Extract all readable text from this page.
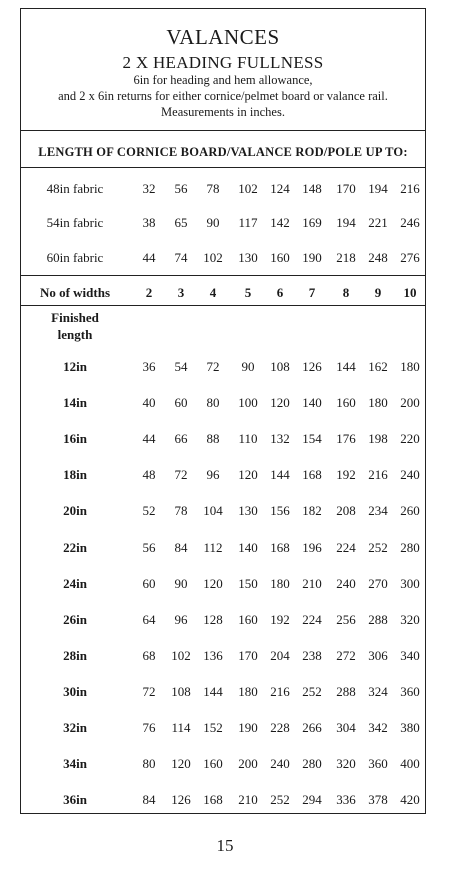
VALANCES
2 X HEADING FULLNESS
6in for heading and hem allowance,
and 2 x 6in returns for either cornice/pelmet board or valance rail.
Measurements in inches.
LENGTH OF CORNICE BOARD/VALANCE ROD/POLE UP TO:
48in fabric	32	56	78	102 124 148	170 194 216
54in fabric	38	65	90	117 142 169	194 221 246
60in fabric	44	74	102	130 160 190	218 248 276
No of widths	2	3	4	5	6	7	8	9	10
Finished
length
12in	36	54	72	90	108 126	144 162 180
14in	40	60	80	100 120 140	160 180 200
16in	44	66	88	110 132 154	176 198 220
18in	48	72	96	120 144 168	192 216 240
20in	52	78	104	130 156 182	208 234 260
22in	56	84	112	140 168 196	224 252 280
24in	60	90	120	150 180 210	240 270 300
26in	64	96	128	160 192 224	256 288 320
28in	68	102 136	170 204 238	272 306 340
30in	72	108 144	180 216 252	288 324 360
32in	76	114 152	190 228 266	304 342 380
34in	80	120 160	200 240 280	320 360 400
36in	84	126 168	210 252 294	336 378 420
15
